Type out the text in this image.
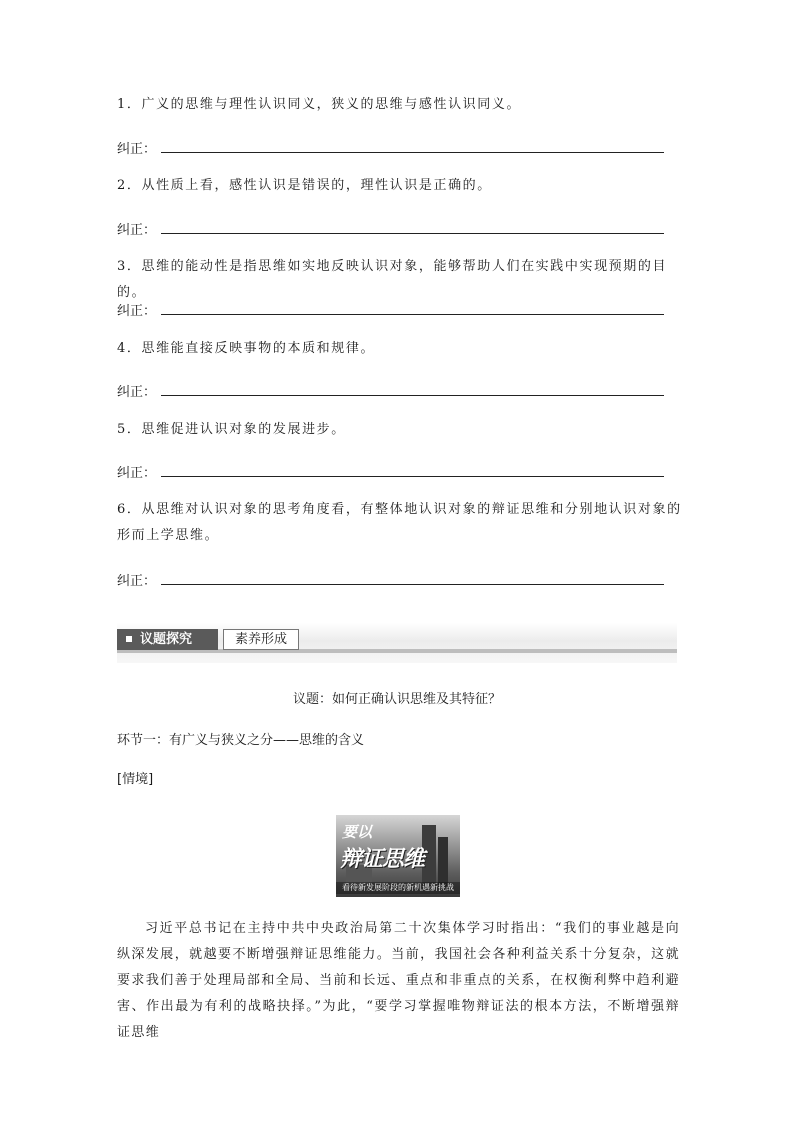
1．广义的思维与理性认识同义，狭义的思维与感性认识同义。
纠正：
2．从性质上看，感性认识是错误的，理性认识是正确的。
纠正：
3．思维的能动性是指思维如实地反映认识对象，能够帮助人们在实践中实现预期的目的。
纠正：
4．思维能直接反映事物的本质和规律。
纠正：
5．思维促进认识对象的发展进步。
纠正：
6．从思维对认识对象的思考角度看，有整体地认识对象的辩证思维和分别地认识对象的形而上学思维。
纠正：
议题探究	素养形成
议题：如何正确认识思维及其特征？
环节一：有广义与狭义之分——思维的含义
[情境]
要以
辩证思维
看待新发展阶段的新机遇新挑战
习近平总书记在主持中共中央政治局第二十次集体学习时指出：“我们的事业越是向纵深发展，就越要不断增强辩证思维能力。当前，我国社会各种利益关系十分复杂，这就要求我们善于处理局部和全局、当前和长远、重点和非重点的关系，在权衡利弊中趋利避害、作出最为有利的战略抉择。”为此，“要学习掌握唯物辩证法的根本方法，不断增强辩证思维
